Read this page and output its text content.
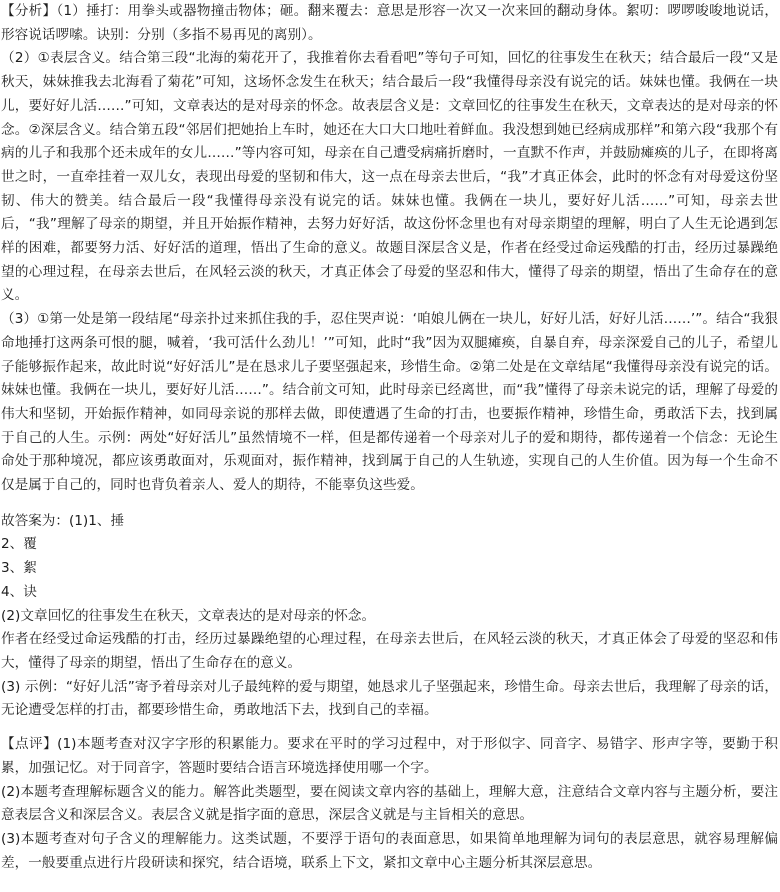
【分析】（1）捶打：用拳头或器物撞击物体；砸。翻来覆去：意思是形容一次又一次来回的翻动身体。絮叨：啰啰唆唆地说话，形容说话啰嗦。诀别：分别（多指不易再见的离别）。

（2）①表层含义。结合第三段“北海的菊花开了，我推着你去看看吧”等句子可知，回忆的往事发生在秋天；结合最后一段“又是秋天，妹妹推我去北海看了菊花”可知，这场怀念发生在秋天；结合最后一段“我懂得母亲没有说完的话。妹妹也懂。我俩在一块儿，要好好儿活……”可知，文章表达的是对母亲的怀念。故表层含义是：文章回忆的往事发生在秋天，文章表达的是对母亲的怀念。②深层含义。结合第五段“邻居们把她抬上车时，她还在大口大口地吐着鲜血。我没想到她已经病成那样”和第六段“我那个有病的儿子和我那个还未成年的女儿……”等内容可知，母亲在自己遭受病痛折磨时，一直默不作声，并鼓励瘫痪的儿子，在即将离世之时，一直牵挂着一双儿女，表现出母爱的坚韧和伟大，这一点在母亲去世后，“我”才真正体会，此时的怀念有对母爱这份坚韧、伟大的赞美。结合最后一段“我懂得母亲没有说完的话。妹妹也懂。我俩在一块儿，要好好儿活……”可知，母亲去世后，“我”理解了母亲的期望，并且开始振作精神，去努力好好活，故这份怀念里也有对母亲期望的理解，明白了人生无论遇到怎样的困难，都要努力活、好好活的道理，悟出了生命的意义。故题目深层含义是，作者在经受过命运残酷的打击，经历过暴躁绝望的心理过程，在母亲去世后，在风轻云淡的秋天，才真正体会了母爱的坚忍和伟大，懂得了母亲的期望，悟出了生命存在的意义。

（3）①第一处是第一段结尾“母亲扑过来抓住我的手，忍住哭声说：‘咱娘儿俩在一块儿，好好儿活，好好儿活……’”。结合“我狠命地捶打这两条可恨的腿，喊着，‘我可活什么劲儿！’”可知，此时“我”因为双腿瘫痪，自暴自弃，母亲深爱自己的儿子，希望儿子能够振作起来，故此时说“好好活儿”是在恳求儿子要坚强起来，珍惜生命。②第二处是在文章结尾“我懂得母亲没有说完的话。妹妹也懂。我俩在一块儿，要好好儿活……”。结合前文可知，此时母亲已经离世，而“我”懂得了母亲未说完的话，理解了母爱的伟大和坚韧，开始振作精神，如同母亲说的那样去做，即使遭遇了生命的打击，也要振作精神，珍惜生命，勇敢活下去，找到属于自己的人生。示例：两处“好好活儿”虽然情境不一样，但是都传递着一个母亲对儿子的爱和期待，都传递着一个信念：无论生命处于那种境况，都应该勇敢面对，乐观面对，振作精神，找到属于自己的人生轨迹，实现自己的人生价值。因为每一个生命不仅是属于自己的，同时也背负着亲人、爱人的期待，不能辜负这些爱。

故答案为：(1)1、捶

2、覆

3、絮

4、诀

(2)文章回忆的往事发生在秋天，文章表达的是对母亲的怀念。

作者在经受过命运残酷的打击，经历过暴躁绝望的心理过程，在母亲去世后，在风轻云淡的秋天，才真正体会了母爱的坚忍和伟大，懂得了母亲的期望，悟出了生命存在的意义。

(3) 示例：“好好儿活”寄予着母亲对儿子最纯粹的爱与期望，她恳求儿子坚强起来，珍惜生命。母亲去世后，我理解了母亲的话，无论遭受怎样的打击，都要珍惜生命，勇敢地活下去，找到自己的幸福。

【点评】(1)本题考查对汉字字形的积累能力。要求在平时的学习过程中，对于形似字、同音字、易错字、形声字等，要勤于积累，加强记忆。对于同音字，答题时要结合语言环境选择使用哪一个字。

(2)本题考查理解标题含义的能力。解答此类题型，要在阅读文章内容的基础上，理解大意，注意结合文章内容与主题分析，要注意表层含义和深层含义。表层含义就是指字面的意思，深层含义就是与主旨相关的意思。

(3)本题考查对句子含义的理解能力。这类试题，不要浮于语句的表面意思，如果简单地理解为词句的表层意思，就容易理解偏差，一般要重点进行片段研读和探究，结合语境，联系上下文，紧扣文章中心主题分析其深层意思。
